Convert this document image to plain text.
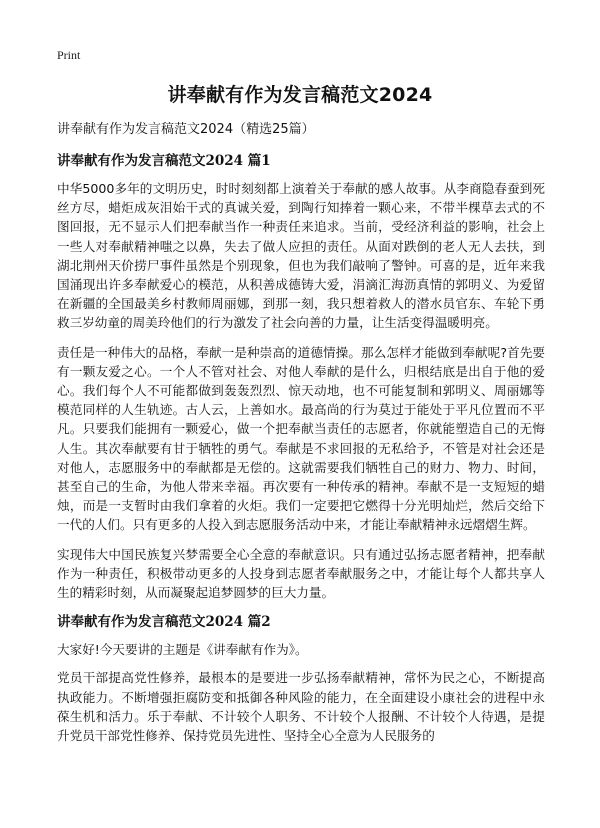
Print
讲奉献有作为发言稿范文2024

讲奉献有作为发言稿范文2024（精选25篇）

讲奉献有作为发言稿范文2024 篇1

中华5000多年的文明历史，时时刻刻都上演着关于奉献的感人故事。从李商隐春蚕到死丝方尽，蜡炬成灰泪始干式的真诚关爱，到陶行知捧着一颗心来，不带半棵草去式的不图回报，无不显示人们把奉献当作一种责任来追求。当前，受经济利益的影响，社会上一些人对奉献精神嗤之以鼻，失去了做人应担的责任。从面对跌倒的老人无人去扶，到湖北荆州天价捞尸事件虽然是个别现象，但也为我们敲响了警钟。可喜的是，近年来我国涌现出许多奉献爱心的模范，从积善成德铸大爱，涓滴汇海沥真情的郭明义、为爱留在新疆的全国最美乡村教师周丽娜，到那一刻，我只想着救人的潜水员官东、车轮下勇救三岁幼童的周美玲他们的行为激发了社会向善的力量，让生活变得温暖明亮。

责任是一种伟大的品格，奉献一是种崇高的道德情操。那么怎样才能做到奉献呢?首先要有一颗友爱之心。一个人不管对社会、对他人奉献的是什么，归根结底是出自于他的爱心。我们每个人不可能都做到轰轰烈烈、惊天动地，也不可能复制和郭明义、周丽娜等模范同样的人生轨迹。古人云，上善如水。最高尚的行为莫过于能处于平凡位置而不平凡。只要我们能拥有一颗爱心，做一个把奉献当责任的志愿者，你就能塑造自己的无悔人生。其次奉献要有甘于牺牲的勇气。奉献是不求回报的无私给予，不管是对社会还是对他人，志愿服务中的奉献都是无偿的。这就需要我们牺牲自己的财力、物力、时间，甚至自己的生命，为他人带来幸福。再次要有一种传承的精神。奉献不是一支短短的蜡烛，而是一支暂时由我们拿着的火炬。我们一定要把它燃得十分光明灿烂，然后交给下一代的人们。只有更多的人投入到志愿服务活动中来，才能让奉献精神永远熠熠生辉。

实现伟大中国民族复兴梦需要全心全意的奉献意识。只有通过弘扬志愿者精神，把奉献作为一种责任，积极带动更多的人投身到志愿者奉献服务之中，才能让每个人都共享人生的精彩时刻，从而凝聚起追梦圆梦的巨大力量。

讲奉献有作为发言稿范文2024 篇2

大家好!今天要讲的主题是《讲奉献有作为》。

党员干部提高党性修养，最根本的是要进一步弘扬奉献精神，常怀为民之心，不断提高执政能力。不断增强拒腐防变和抵御各种风险的能力，在全面建设小康社会的进程中永葆生机和活力。乐于奉献、不计较个人职务、不计较个人报酬、不计较个人待遇，是提升党员干部党性修养、保持党员先进性、坚持全心全意为人民服务的
